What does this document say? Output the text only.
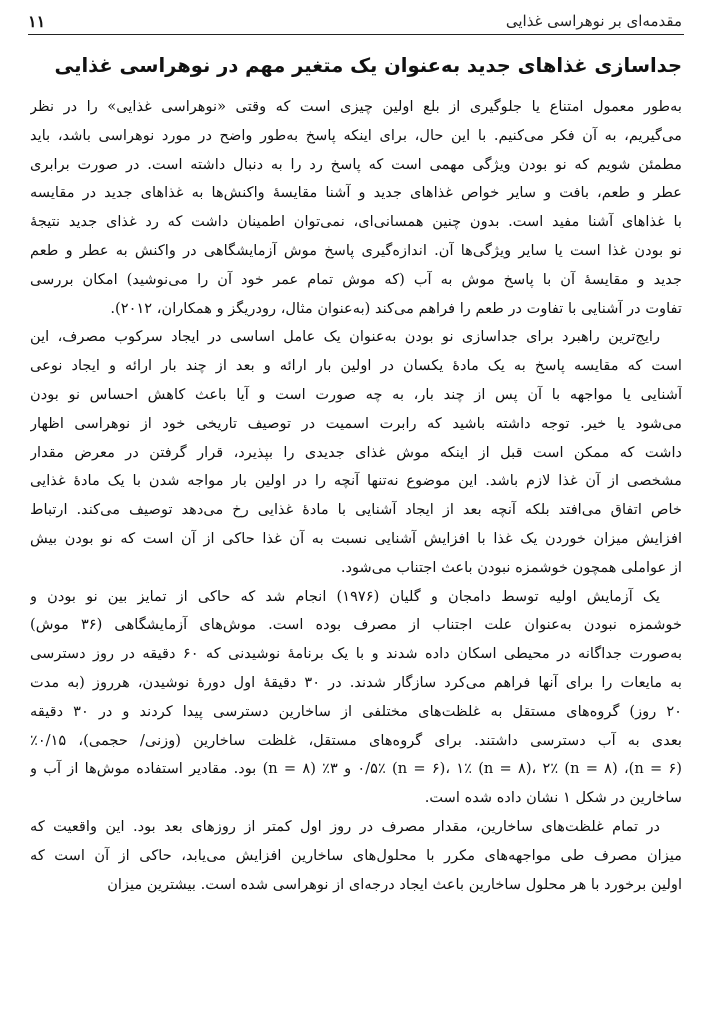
مقدمه‌ای بر نوهراسی غذایی
۱۱
جداسازی غذاهای جدید به‌عنوان یک متغیر مهم در نوهراسی غذایی
به‌طور معمول امتناع یا جلوگیری از بلع اولین چیزی است که وقتی «نوهراسی غذایی» را در نظر
می‌گیریم، به آن فکر می‌کنیم. با این حال، برای اینکه پاسخ به‌طور واضح در مورد نوهراسی باشد، باید
مطمئن شویم که نو بودن ویژگی مهمی است که پاسخ رد را به دنبال داشته است. در صورت برابری
عطر و طعم، بافت و سایر خواص غذاهای جدید و آشنا مقایسهٔ واکنش‌ها به غذاهای جدید در مقایسه
با غذاهای آشنا مفید است. بدون چنین همسانی‌ای، نمی‌توان اطمینان داشت که رد غذای جدید نتیجهٔ
نو بودن غذا است یا سایر ویژگی‌ها آن. اندازه‌گیری پاسخ موش آزمایشگاهی در واکنش به عطر و طعم
جدید و مقایسهٔ آن با پاسخ موش به آب (که موش تمام عمر خود آن را می‌نوشید) امکان بررسی
تفاوت در آشنایی با تفاوت در طعم را فراهم می‌کند (به‌عنوان مثال، رودریگز و همکاران، ۲۰۱۲).
رایج‌ترین راهبرد برای جداسازی نو بودن به‌عنوان یک عامل اساسی در ایجاد سرکوب مصرف، این
است که مقایسه پاسخ به یک مادهٔ یکسان در اولین بار ارائه و بعد از چند بار ارائه و ایجاد نوعی
آشنایی یا مواجهه با آن پس از چند بار، به چه صورت است و آیا باعث کاهش احساس نو بودن
می‌شود یا خیر. توجه داشته باشید که رابرت اسمیت در توصیف تاریخی خود از نوهراسی اظهار
داشت که ممکن است قبل از اینکه موش غذای جدیدی را بپذیرد، قرار گرفتن در معرض مقدار
مشخصی از آن غذا لازم باشد. این موضوع نه‌تنها آنچه را در اولین بار مواجه شدن با یک مادهٔ غذایی
خاص اتفاق می‌افتد بلکه آنچه بعد از ایجاد آشنایی با مادهٔ غذایی رخ می‌دهد توصیف می‌کند. ارتباط
افزایش میزان خوردن یک غذا با افزایش آشنایی نسبت به آن غذا حاکی از آن است که نو بودن بیش
از عواملی همچون خوشمزه نبودن باعث اجتناب می‌شود.
یک آزمایش اولیه توسط دامجان و گلیان (۱۹۷۶) انجام شد که حاکی از تمایز بین نو بودن و
خوشمزه نبودن به‌عنوان علت اجتناب از مصرف بوده است. موش‌های آزمایشگاهی (۳۶ موش)
به‌صورت جداگانه در محیطی اسکان داده شدند و با یک برنامهٔ نوشیدنی که ۶۰ دقیقه در روز دسترسی
به مایعات را برای آنها فراهم می‌کرد سازگار شدند. در ۳۰ دقیقهٔ اول دورهٔ نوشیدن، هرروز (به مدت
۲۰ روز) گروه‌های مستقل به غلظت‌های مختلفی از ساخارین دسترسی پیدا کردند و در ۳۰ دقیقه
بعدی به آب دسترسی داشتند. برای گروه‌های مستقل، غلظت ساخارین (وزنی/ حجمی)، ۰/۱۵٪
(n = ۶)، ۰/۵٪ (n = ۶)، ۱٪ (n = ۸)، ۲٪ (n = ۸) و ۳٪ (n = ۸) بود. مقادیر استفاده موش‌ها از آب و
ساخارین در شکل ۱ نشان داده شده است.
در تمام غلظت‌های ساخارین، مقدار مصرف در روز اول کمتر از روزهای بعد بود. این واقعیت که
میزان مصرف طی مواجهه‌های مکرر با محلول‌های ساخارین افزایش می‌یابد، حاکی از آن است که
اولین برخورد با هر محلول ساخارین باعث ایجاد درجه‌ای از نوهراسی شده است. بیشترین میزان
